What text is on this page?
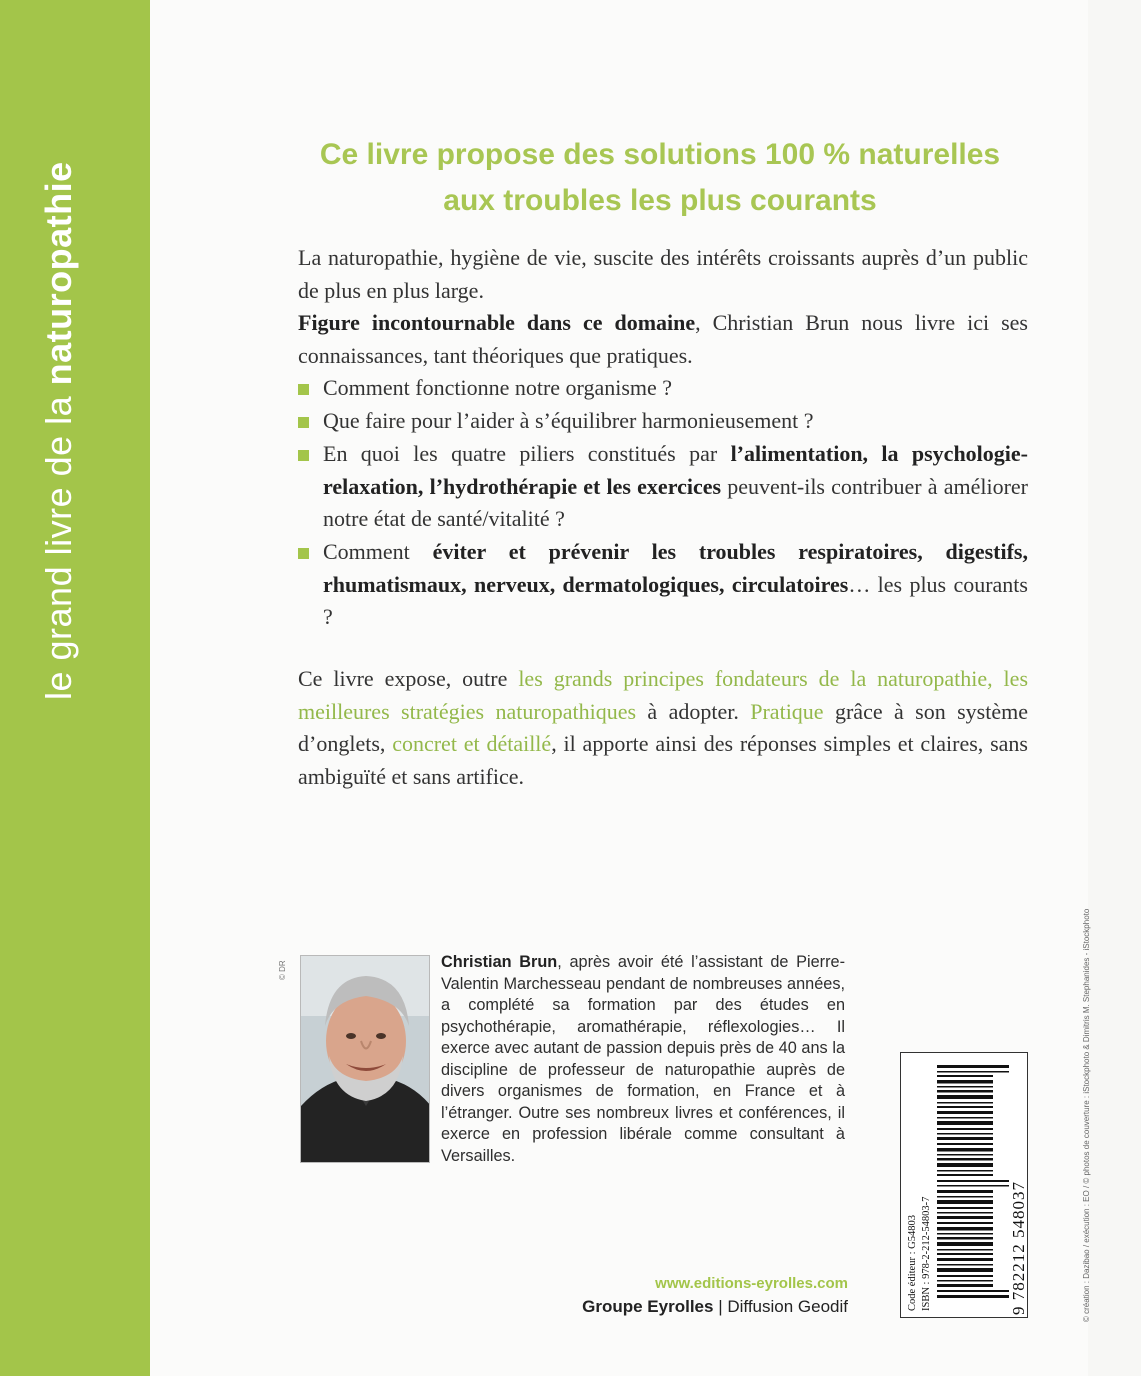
le grand livre de la naturopathie
Ce livre propose des solutions 100 % naturelles
aux troubles les plus courants
La naturopathie, hygiène de vie, suscite des intérêts croissants auprès d’un public de plus en plus large.
Figure incontournable dans ce domaine, Christian Brun nous livre ici ses connaissances, tant théoriques que pratiques.
Comment fonctionne notre organisme ?
Que faire pour l’aider à s’équilibrer harmonieusement ?
En quoi les quatre piliers constitués par l’alimentation, la psychologie-relaxation, l’hydrothérapie et les exercices peuvent-ils contribuer à améliorer notre état de santé/vitalité ?
Comment éviter et prévenir les troubles respiratoires, digestifs, rhumatismaux, nerveux, dermatologiques, circulatoires… les plus courants ?
Ce livre expose, outre les grands principes fondateurs de la naturopathie, les meilleures stratégies naturopathiques à adopter. Pratique grâce à son système d’onglets, concret et détaillé, il apporte ainsi des réponses simples et claires, sans ambiguïté et sans artifice.
© DR	Christian Brun, après avoir été l’assistant de Pierre-Valentin Marchesseau pendant de nombreuses années, a complété sa formation par des études en psychothérapie, aromathérapie, réflexologies… Il exerce avec autant de passion depuis près de 40 ans la discipline de professeur de naturopathie auprès de divers organismes de formation, en France et à l’étranger. Outre ses nombreux livres et conférences, il exerce en profession libérale comme consultant à Versailles.
Code éditeur : G54803 ISBN : 978-2-212-54803-7	9 782212 548037	© création : Dazibao / exécution : EO / © photos de couverture : iStockphoto & Dimitris M. Stephanides - iStockphoto
www.editions-eyrolles.com
Groupe Eyrolles | Diffusion Geodif
